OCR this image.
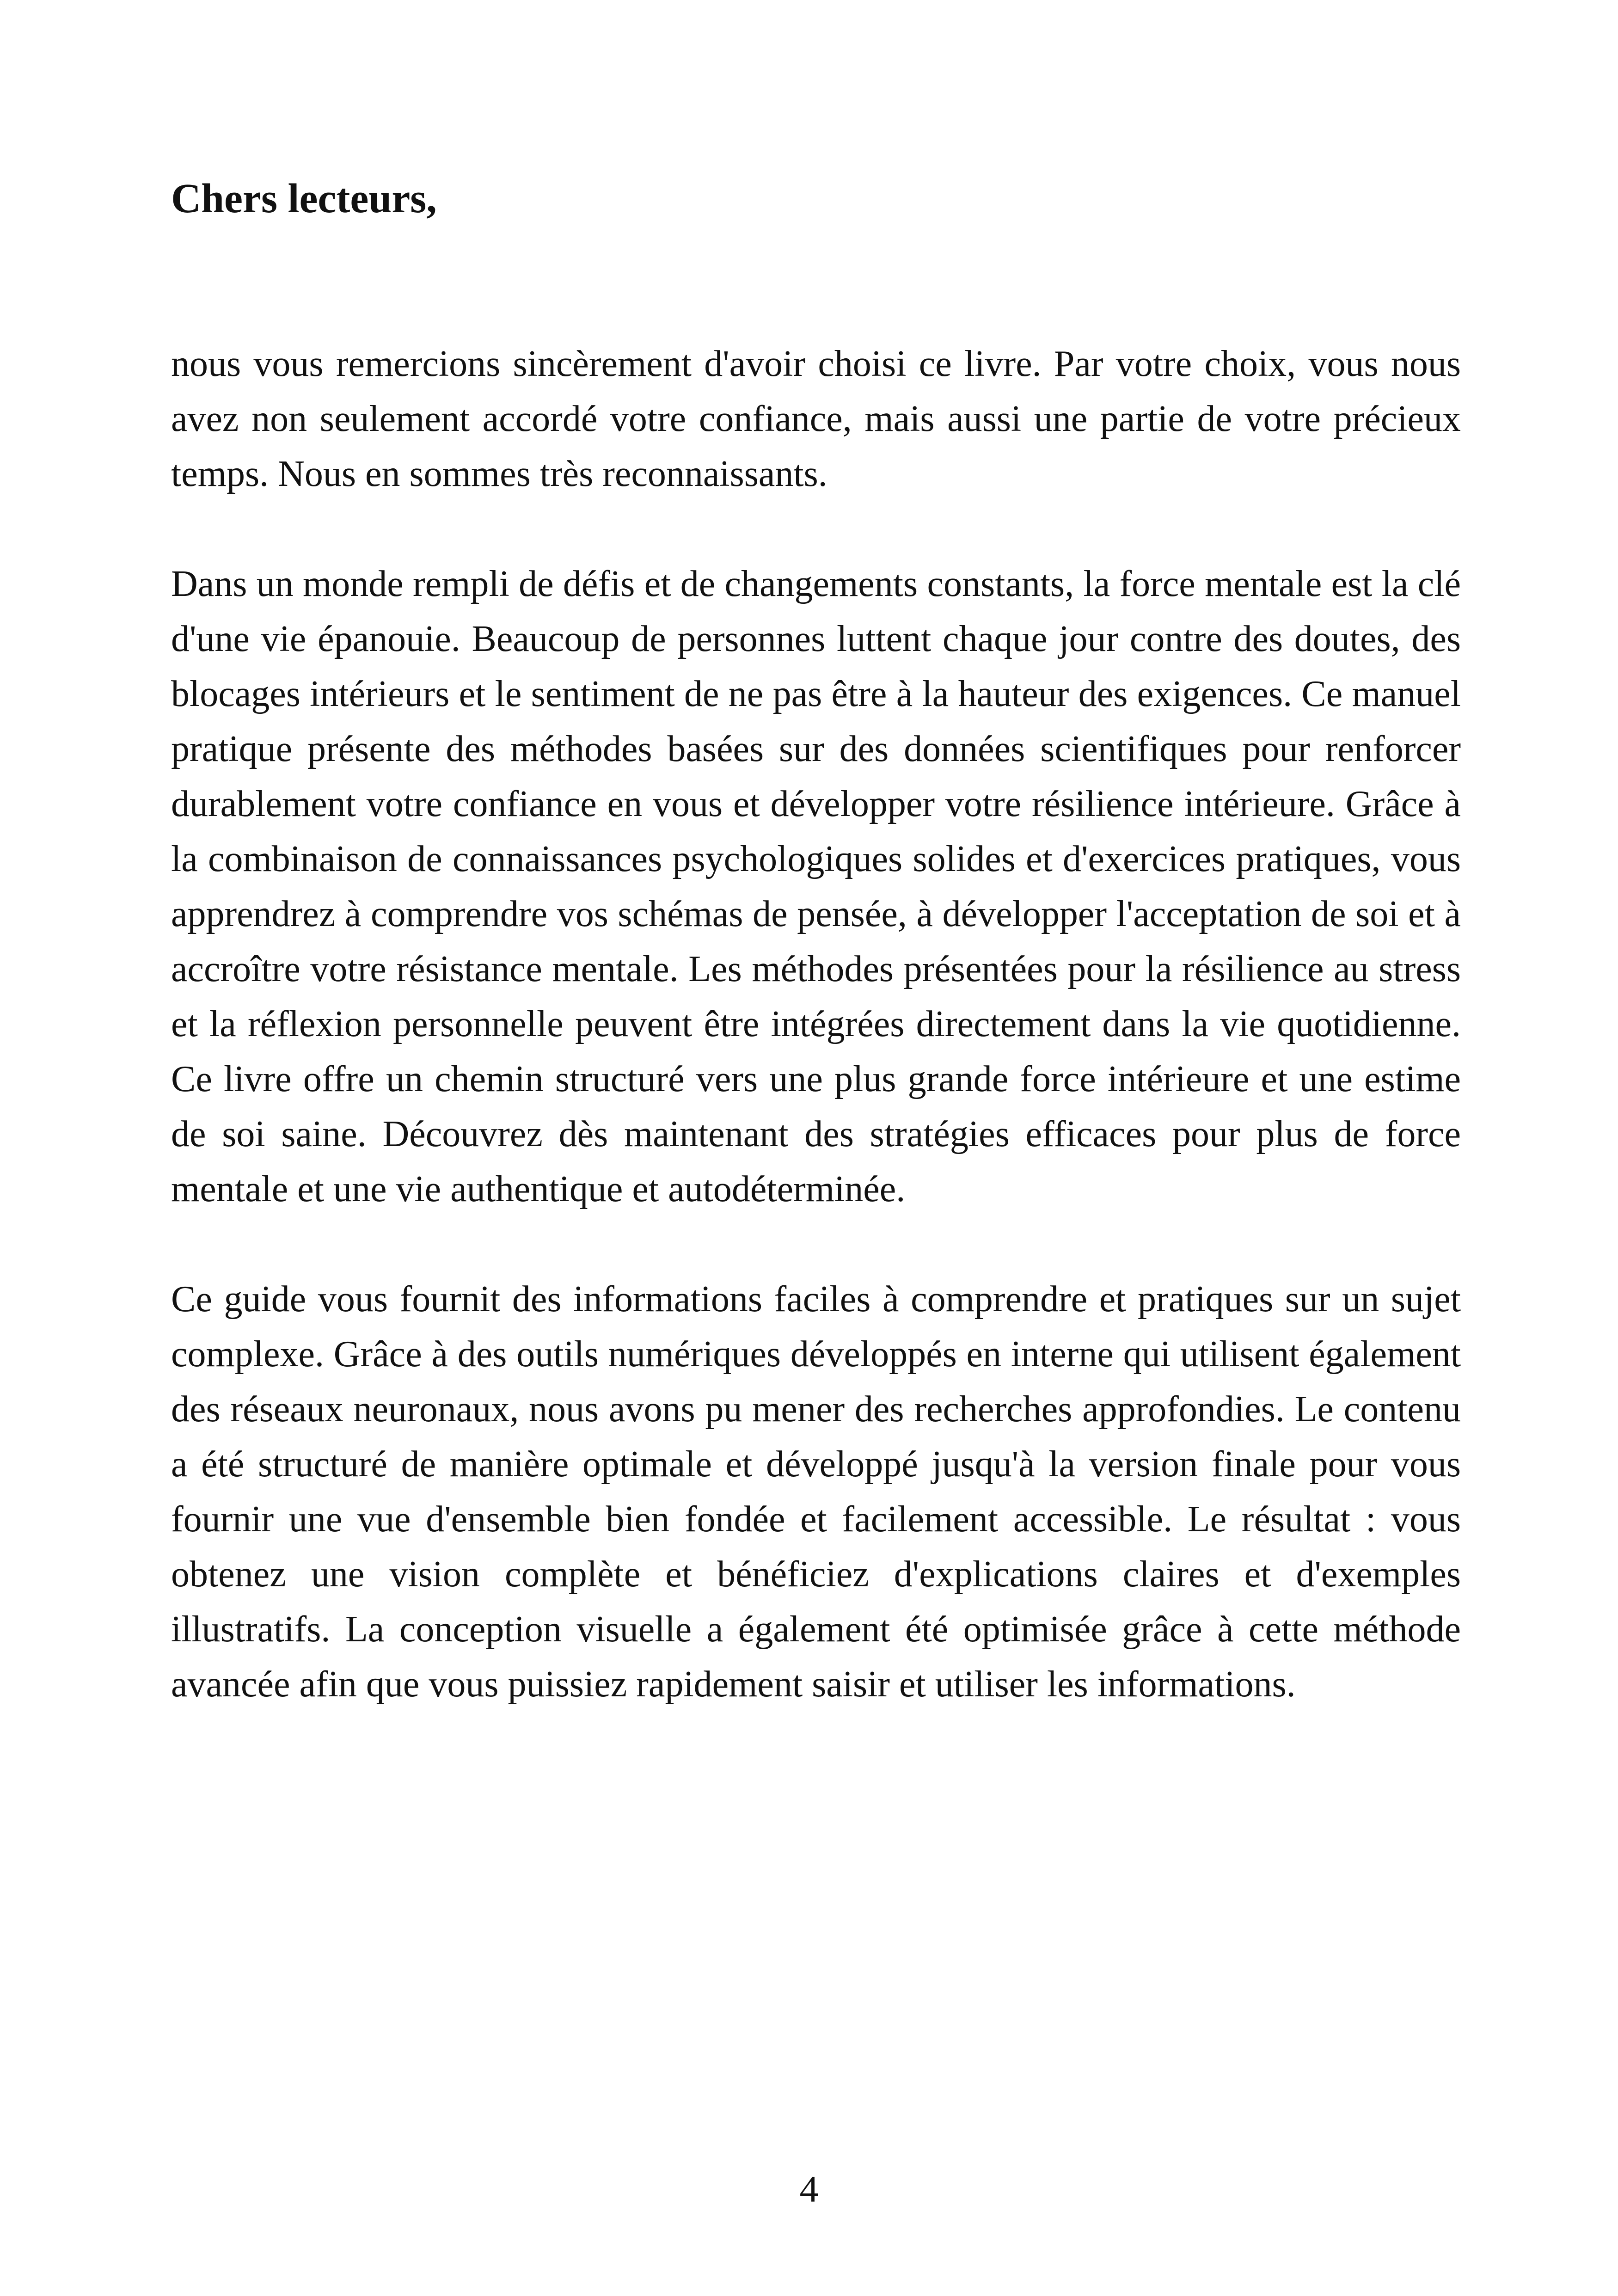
Chers lecteurs,

nous vous remercions sincèrement d'avoir choisi ce livre. Par votre choix, vous nous avez non seulement accordé votre confiance, mais aussi une partie de votre précieux temps. Nous en sommes très reconnaissants.

Dans un monde rempli de défis et de changements constants, la force mentale est la clé d'une vie épanouie. Beaucoup de personnes luttent chaque jour contre des doutes, des blocages intérieurs et le sentiment de ne pas être à la hauteur des exigences. Ce manuel pratique présente des méthodes basées sur des données scientifiques pour renforcer durablement votre confiance en vous et développer votre résilience intérieure. Grâce à la combinaison de connaissances psychologiques solides et d'exercices pratiques, vous apprendrez à comprendre vos schémas de pensée, à développer l'acceptation de soi et à accroître votre résistance mentale. Les méthodes présentées pour la résilience au stress et la réflexion personnelle peuvent être intégrées directement dans la vie quotidienne. Ce livre offre un chemin structuré vers une plus grande force intérieure et une estime de soi saine. Découvrez dès maintenant des stratégies efficaces pour plus de force mentale et une vie authentique et autodéterminée.

Ce guide vous fournit des informations faciles à comprendre et pratiques sur un sujet complexe. Grâce à des outils numériques développés en interne qui utilisent également des réseaux neuronaux, nous avons pu mener des recherches approfondies. Le contenu a été structuré de manière optimale et développé jusqu'à la version finale pour vous fournir une vue d'ensemble bien fondée et facilement accessible. Le résultat : vous obtenez une vision complète et bénéficiez d'explications claires et d'exemples illustratifs. La conception visuelle a également été optimisée grâce à cette méthode avancée afin que vous puissiez rapidement saisir et utiliser les informations.

4
